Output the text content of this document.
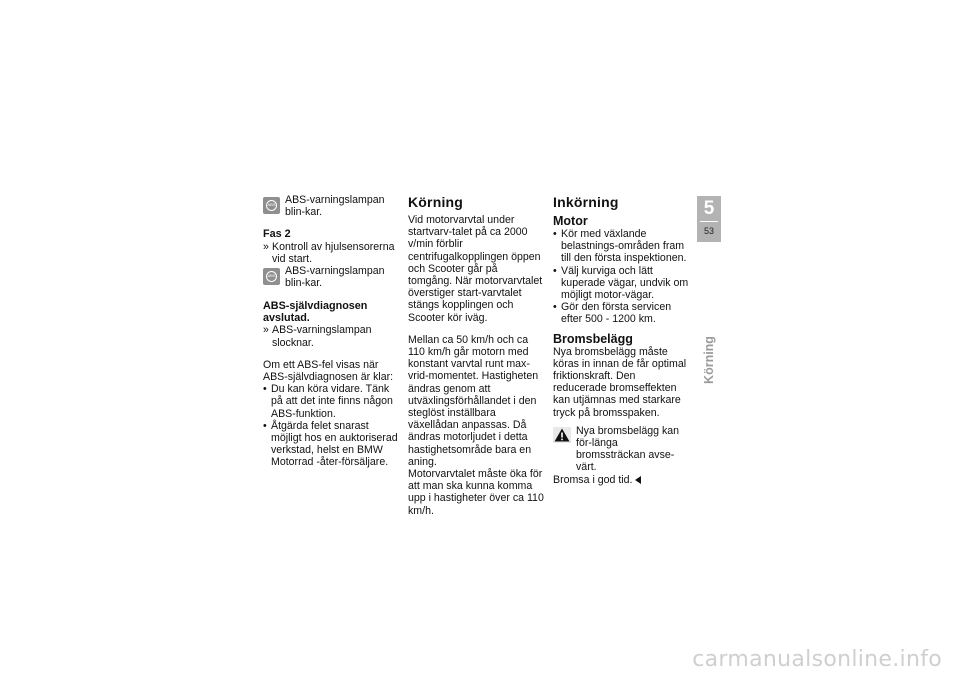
ABS

ABS-varningslampan blin-kar.

Fas 2
» Kontroll av hjulsensorerna vid start.
ABS

ABS-varningslampan blin-kar.

ABS-självdiagnosen avslutad.
» ABS-varningslampan slocknar.

Om ett ABS-fel visas när ABS-självdiagnosen är klar:

• Du kan köra vidare. Tänk på att det inte finns någon ABS-funktion.
• Åtgärda felet snarast möjligt hos en auktoriserad verkstad, helst en BMW Motorrad -åter-försäljare.
Körning

Vid motorvarvtal under startvarv-talet på ca 2000 v/min förblir centrifugalkopplingen öppen och Scooter går på tomgång. När motorvarvtalet överstiger start-varvtalet stängs kopplingen och Scooter kör iväg.

Mellan ca 50 km/h och ca 110 km/h går motorn med konstant varvtal runt max-vrid-momentet. Hastigheten ändras genom att utväxlingsförhållandet i den steglöst inställbara växellådan anpassas. Då ändras motorljudet i detta hastighetsområde bara en aning.

Motorvarvtalet måste öka för att man ska kunna komma upp i hastigheter över ca 110 km/h.

Inkörning
Motor
• Kör med växlande belastnings-områden fram till den första inspektionen.
• Välj kurviga och lätt kuperade vägar, undvik om möjligt motor-vägar.
• Gör den första servicen efter 500 - 1200 km.
Bromsbelägg

Nya bromsbelägg måste köras in innan de får optimal friktionskraft. Den reducerade bromseffekten kan utjämnas med starkare tryck på bromsspaken.

Nya bromsbelägg kan för-länga bromssträckan avse-värt.

Bromsa i god tid.

5
53
Körning
carmanualsonline.info
